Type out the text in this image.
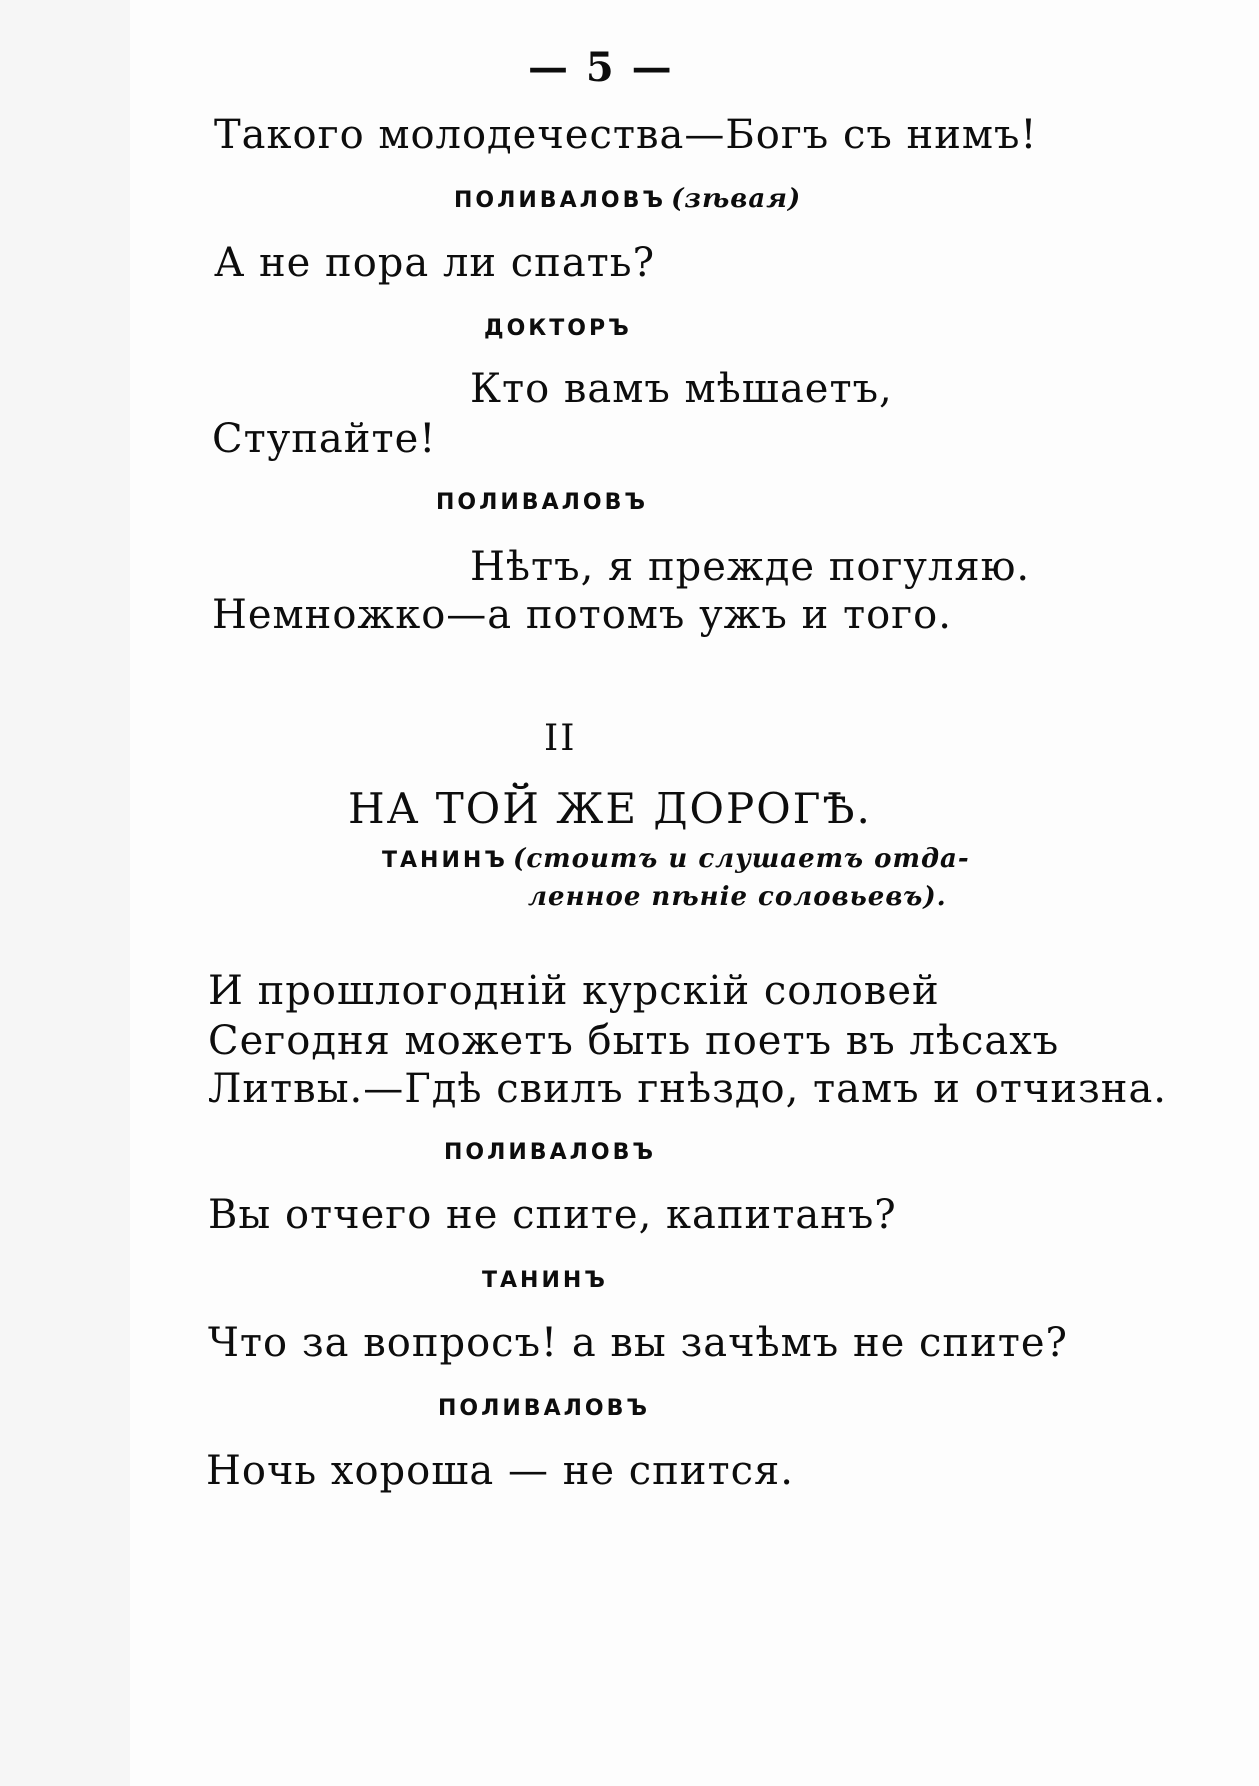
— 5 —
Такого молодечества—Богъ съ нимъ!
ПОЛИВАЛОВЪ (зѣвая)
А не пора ли спать?
ДОКТОРЪ
Кто вамъ мѣшаетъ,
Ступайте!
ПОЛИВАЛОВЪ
Нѣтъ, я прежде погуляю.
Немножко—а потомъ ужъ и того.
II
НА ТОЙ ЖЕ ДОРОГѢ.
ТАНИНЪ (стоитъ и слушаетъ отда-
ленное пѣніе соловьевъ).
И прошлогодній курскій соловей
Сегодня можетъ быть поетъ въ лѣсахъ
Литвы.—Гдѣ свилъ гнѣздо, тамъ и отчизна.
ПОЛИВАЛОВЪ
Вы отчего не спите, капитанъ?
ТАНИНЪ
Что за вопросъ! а вы зачѣмъ не спите?
ПОЛИВАЛОВЪ
Ночь хороша — не спится.
